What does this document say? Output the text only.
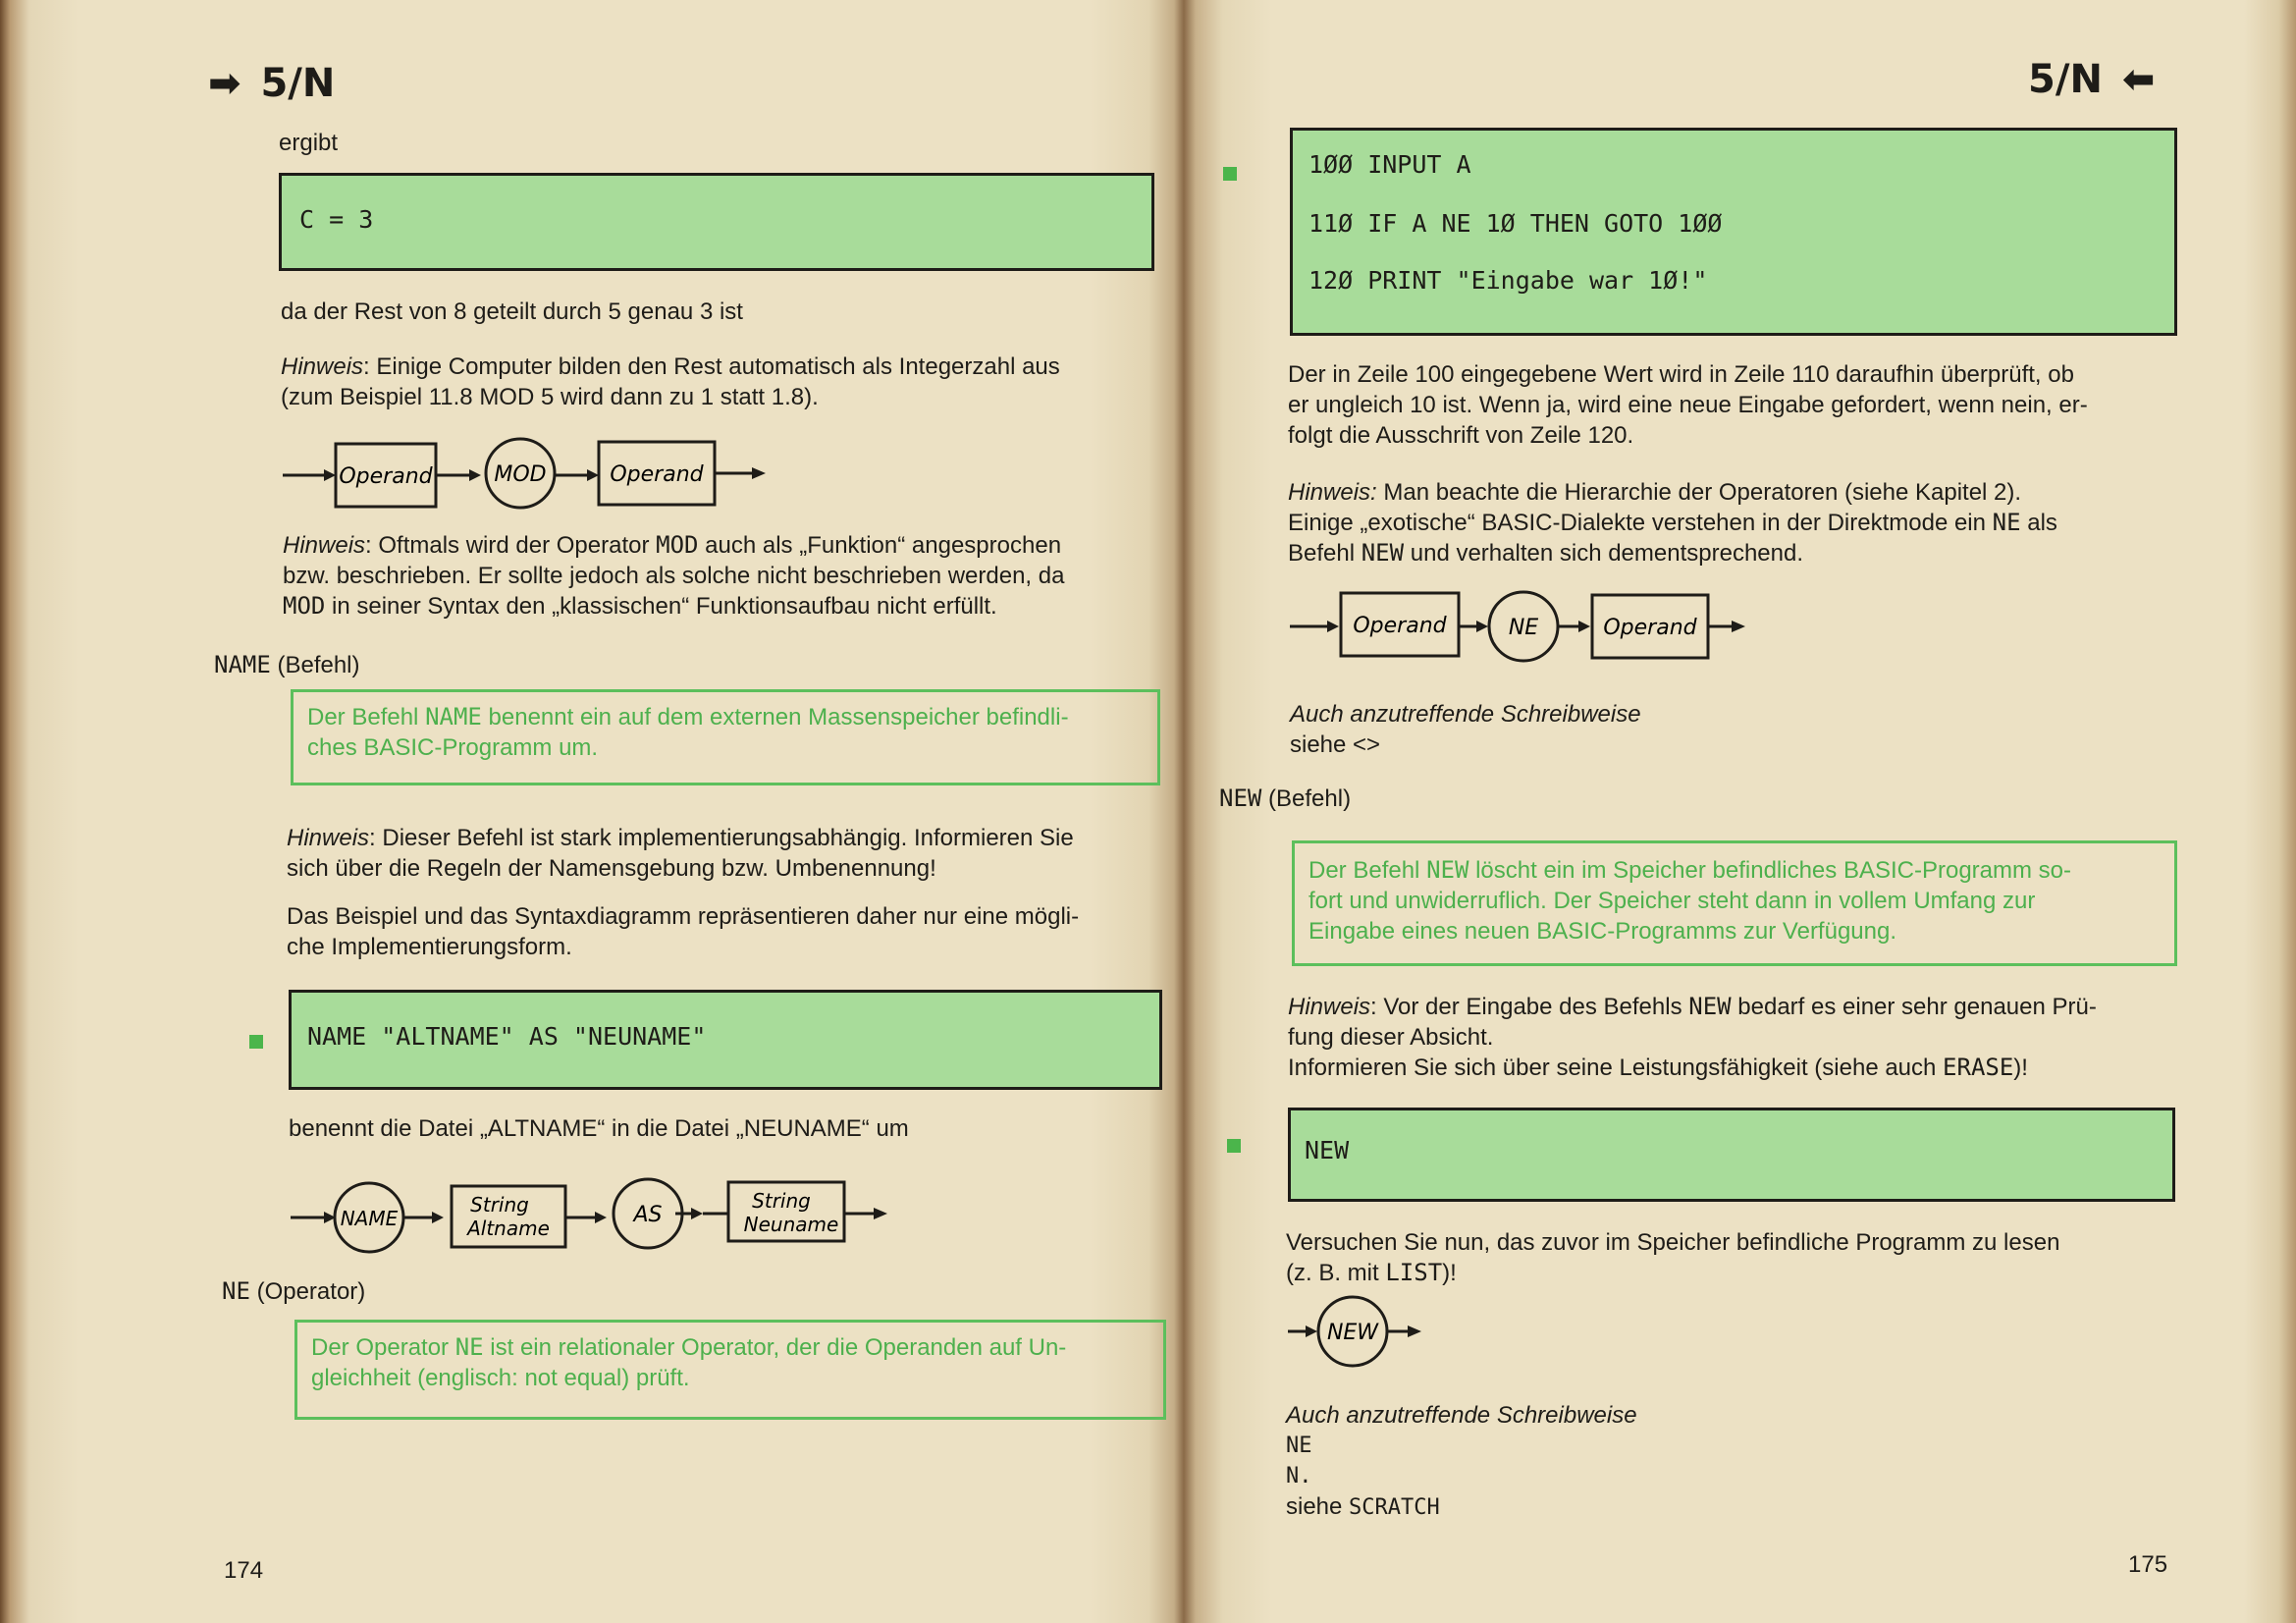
➡ 5/N
ergibt
C = 3
da der Rest von 8 geteilt durch 5 genau 3 ist
Hinweis: Einige Computer bilden den Rest automatisch als Integerzahl aus
(zum Beispiel 11.8 MOD 5 wird dann zu 1 statt 1.8).
Operand	MOD	Operand
Hinweis: Oftmals wird der Operator MOD auch als „Funktion“ angesprochen
bzw. beschrieben. Er sollte jedoch als solche nicht beschrieben werden, da
MOD in seiner Syntax den „klassischen“ Funktionsaufbau nicht erfüllt.
NAME (Befehl)
Der Befehl NAME benennt ein auf dem externen Massenspeicher befindli-
ches BASIC-Programm um.
Hinweis: Dieser Befehl ist stark implementierungsabhängig. Informieren Sie
sich über die Regeln der Namensgebung bzw. Umbenennung!
Das Beispiel und das Syntaxdiagramm repräsentieren daher nur eine mögli-
che Implementierungsform.
NAME "ALTNAME" AS "NEUNAME"
benennt die Datei „ALTNAME“ in die Datei „NEUNAME“ um
NAME
String
Altname
AS
String
Neuname
NE (Operator)
Der Operator NE ist ein relationaler Operator, der die Operanden auf Un-
gleichheit (englisch: not equal) prüft.
174
5/N ⬅
1ØØ INPUT A
11Ø IF A NE 1Ø THEN GOTO 1ØØ
12Ø PRINT "Eingabe war 1Ø!"
Der in Zeile 100 eingegebene Wert wird in Zeile 110 daraufhin überprüft, ob
er ungleich 10 ist. Wenn ja, wird eine neue Eingabe gefordert, wenn nein, er-
folgt die Ausschrift von Zeile 120.
Hinweis: Man beachte die Hierarchie der Operatoren (siehe Kapitel 2).
Einige „exotische“ BASIC-Dialekte verstehen in der Direktmode ein NE als
Befehl NEW und verhalten sich dementsprechend.
Operand	NE	Operand
Auch anzutreffende Schreibweise
siehe <>
NEW (Befehl)
Der Befehl NEW löscht ein im Speicher befindliches BASIC-Programm so-
fort und unwiderruflich. Der Speicher steht dann in vollem Umfang zur
Eingabe eines neuen BASIC-Programms zur Verfügung.
Hinweis: Vor der Eingabe des Befehls NEW bedarf es einer sehr genauen Prü-
fung dieser Absicht.
Informieren Sie sich über seine Leistungsfähigkeit (siehe auch ERASE)!
NEW
Versuchen Sie nun, das zuvor im Speicher befindliche Programm zu lesen
(z. B. mit LIST)!
NEW
Auch anzutreffende Schreibweise
NE
N.
siehe SCRATCH
175
